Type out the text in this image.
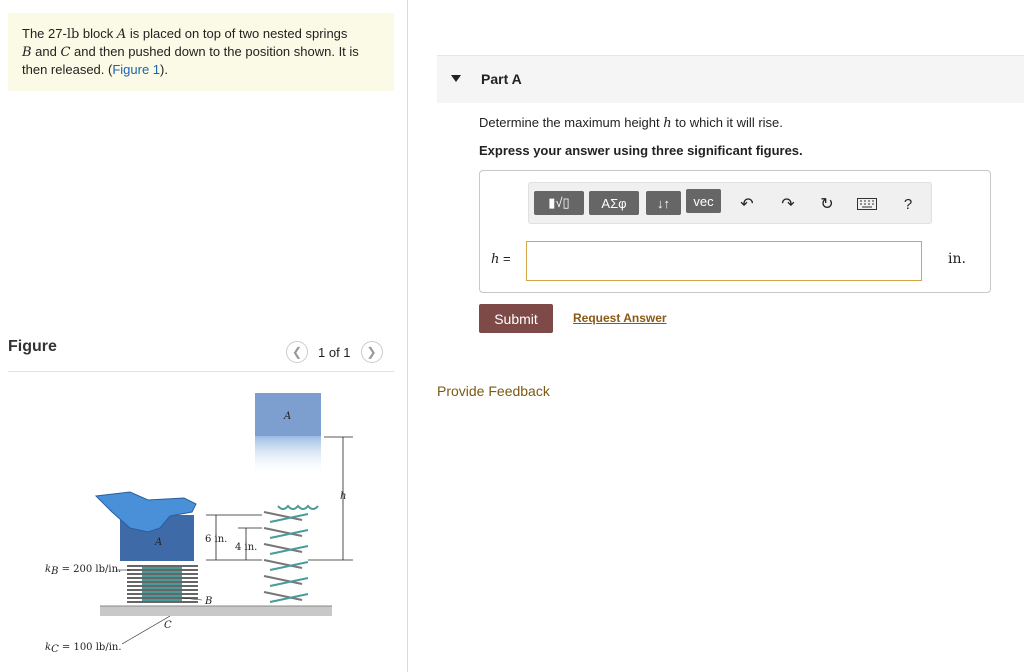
The 27-lb block A is placed on top of two nested springs
B and C and then pushed down to the position shown. It is then released. (Figure 1).
Figure	❮	1 of 1	❯
A
h
A	6 in.
4 in.
kB = 200 lb/in.
B
C
kC = 100 lb/in.
Part A
Determine the maximum height h to which it will rise.
Express your answer using three significant figures.
▮√▯	ΑΣφ	↓↑	vec	↶ ↷ ↻	?
h =	in.
Submit	Request Answer
Provide Feedback
